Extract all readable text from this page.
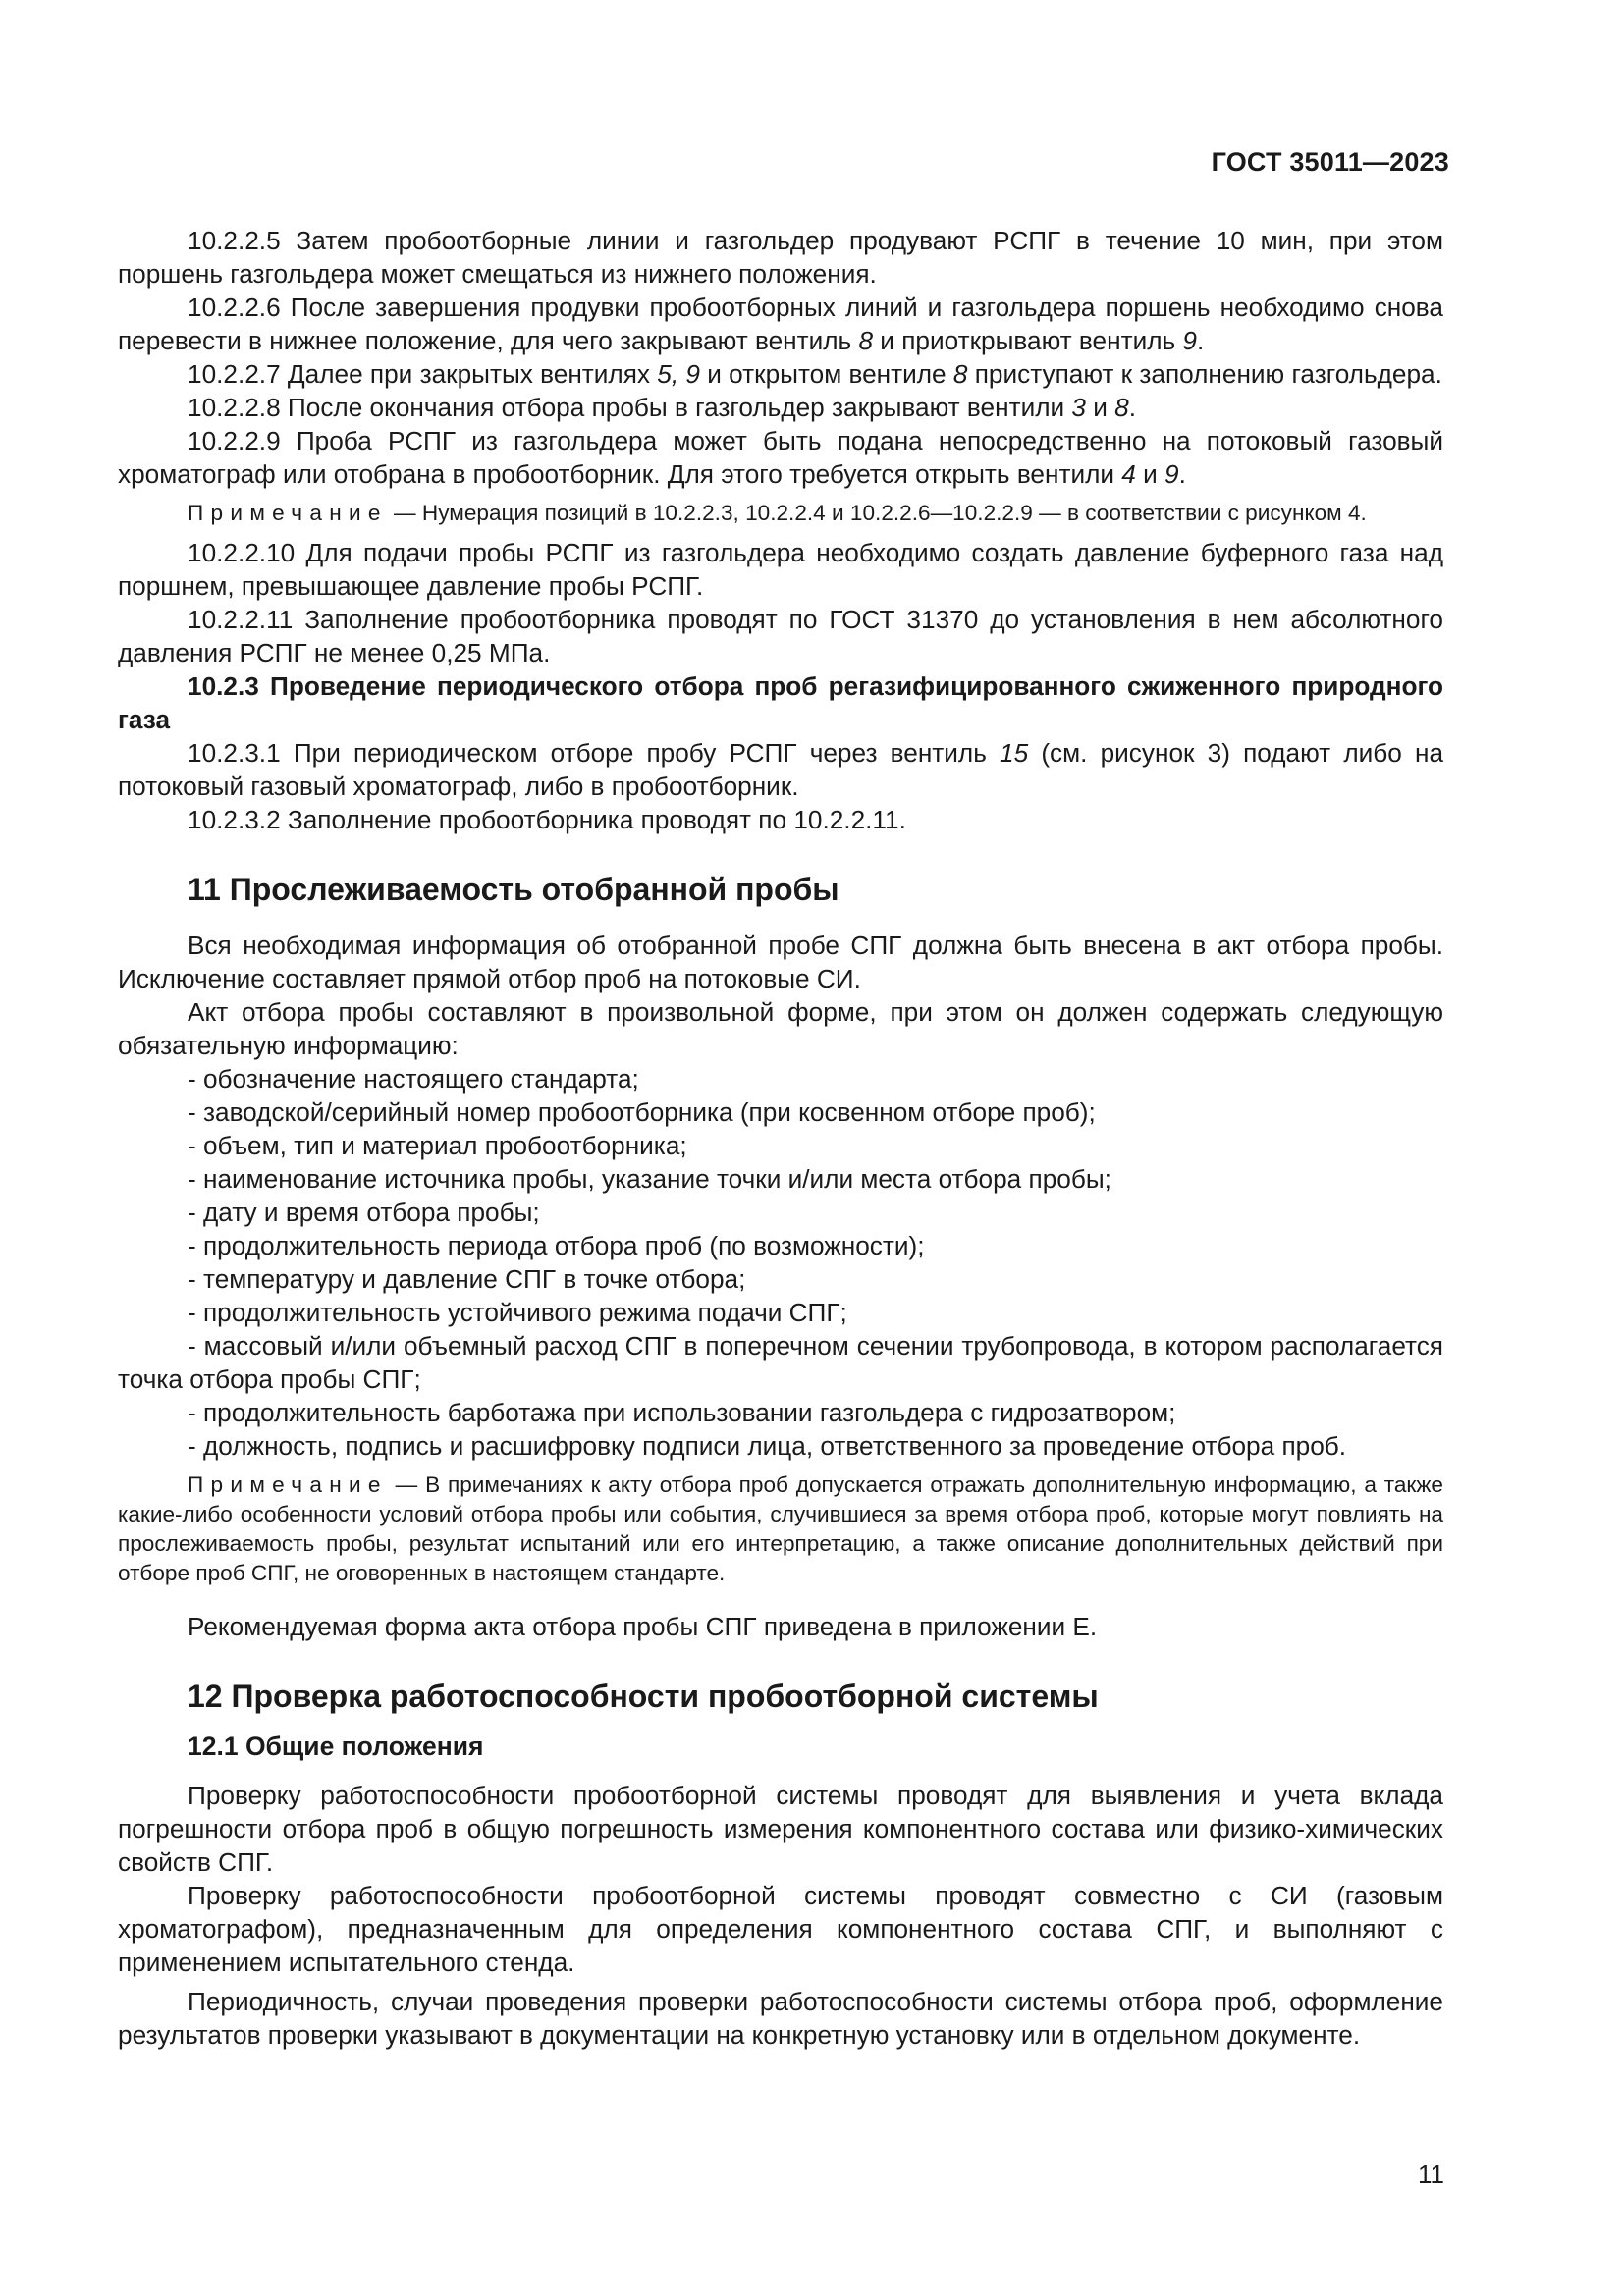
ГОСТ 35011—2023

10.2.2.5 Затем пробоотборные линии и газгольдер продувают РСПГ в течение 10 мин, при этом поршень газгольдера может смещаться из нижнего положения.

10.2.2.6 После завершения продувки пробоотборных линий и газгольдера поршень необходимо снова перевести в нижнее положение, для чего закрывают вентиль 8 и приоткрывают вентиль 9.

10.2.2.7 Далее при закрытых вентилях 5, 9 и открытом вентиле 8 приступают к заполнению газгольдера.

10.2.2.8 После окончания отбора пробы в газгольдер закрывают вентили 3 и 8.

10.2.2.9 Проба РСПГ из газгольдера может быть подана непосредственно на потоковый газовый хроматограф или отобрана в пробоотборник. Для этого требуется открыть вентили 4 и 9.

Примечание — Нумерация позиций в 10.2.2.3, 10.2.2.4 и 10.2.2.6—10.2.2.9 — в соответствии с рисунком 4.

10.2.2.10 Для подачи пробы РСПГ из газгольдера необходимо создать давление буферного газа над поршнем, превышающее давление пробы РСПГ.

10.2.2.11 Заполнение пробоотборника проводят по ГОСТ 31370 до установления в нем абсолютного давления РСПГ не менее 0,25 МПа.

10.2.3 Проведение периодического отбора проб регазифицированного сжиженного природного газа

10.2.3.1 При периодическом отборе пробу РСПГ через вентиль 15 (см. рисунок 3) подают либо на потоковый газовый хроматограф, либо в пробоотборник.

10.2.3.2 Заполнение пробоотборника проводят по 10.2.2.11.

11 Прослеживаемость отобранной пробы

Вся необходимая информация об отобранной пробе СПГ должна быть внесена в акт отбора пробы. Исключение составляет прямой отбор проб на потоковые СИ.

Акт отбора пробы составляют в произвольной форме, при этом он должен содержать следующую обязательную информацию:

- обозначение настоящего стандарта;

- заводской/серийный номер пробоотборника (при косвенном отборе проб);

- объем, тип и материал пробоотборника;

- наименование источника пробы, указание точки и/или места отбора пробы;

- дату и время отбора пробы;

- продолжительность периода отбора проб (по возможности);

- температуру и давление СПГ в точке отбора;

- продолжительность устойчивого режима подачи СПГ;

- массовый и/или объемный расход СПГ в поперечном сечении трубопровода, в котором располагается точка отбора пробы СПГ;

- продолжительность барботажа при использовании газгольдера с гидрозатвором;

- должность, подпись и расшифровку подписи лица, ответственного за проведение отбора проб.

Примечание — В примечаниях к акту отбора проб допускается отражать дополнительную информацию, а также какие-либо особенности условий отбора пробы или события, случившиеся за время отбора проб, которые могут повлиять на прослеживаемость пробы, результат испытаний или его интерпретацию, а также описание дополнительных действий при отборе проб СПГ, не оговоренных в настоящем стандарте.

Рекомендуемая форма акта отбора пробы СПГ приведена в приложении Е.

12 Проверка работоспособности пробоотборной системы
12.1 Общие положения

Проверку работоспособности пробоотборной системы проводят для выявления и учета вклада погрешности отбора проб в общую погрешность измерения компонентного состава или физико-химических свойств СПГ.

Проверку работоспособности пробоотборной системы проводят совместно с СИ (газовым хроматографом), предназначенным для определения компонентного состава СПГ, и выполняют с применением испытательного стенда.

Периодичность, случаи проведения проверки работоспособности системы отбора проб, оформление результатов проверки указывают в документации на конкретную установку или в отдельном документе.

11
